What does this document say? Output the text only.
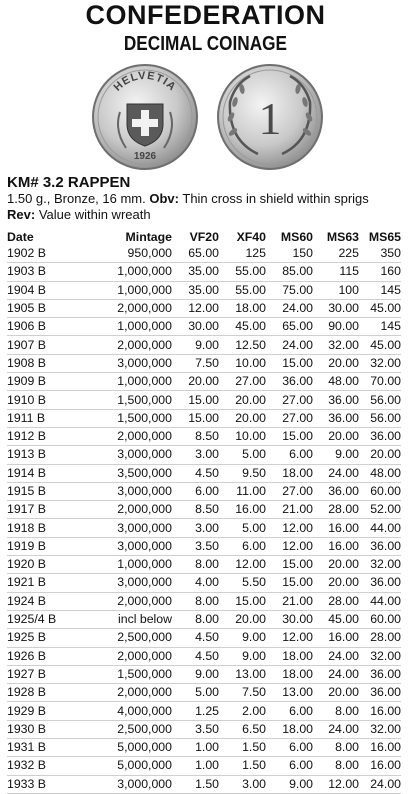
CONFEDERATION
DECIMAL COINAGE
HELVETIA
1926
1
KM# 3.2 RAPPEN
1.50 g., Bronze, 16 mm. Obv: Thin cross in shield within sprigs
Rev: Value within wreath
Date	Mintage	VF20	XF40	MS60	MS63	MS65
1902 B	950,000	65.00	125	150	225	350
1903 B	1,000,000	35.00	55.00	85.00	115	160
1904 B	1,000,000	35.00	55.00	75.00	100	145
1905 B	2,000,000	12.00	18.00	24.00	30.00	45.00
1906 B	1,000,000	30.00	45.00	65.00	90.00	145
1907 B	2,000,000	9.00	12.50	24.00	32.00	45.00
1908 B	3,000,000	7.50	10.00	15.00	20.00	32.00
1909 B	1,000,000	20.00	27.00	36.00	48.00	70.00
1910 B	1,500,000	15.00	20.00	27.00	36.00	56.00
1911 B	1,500,000	15.00	20.00	27.00	36.00	56.00
1912 B	2,000,000	8.50	10.00	15.00	20.00	36.00
1913 B	3,000,000	3.00	5.00	6.00	9.00	20.00
1914 B	3,500,000	4.50	9.50	18.00	24.00	48.00
1915 B	3,000,000	6.00	11.00	27.00	36.00	60.00
1917 B	2,000,000	8.50	16.00	21.00	28.00	52.00
1918 B	3,000,000	3.00	5.00	12.00	16.00	44.00
1919 B	3,000,000	3.50	6.00	12.00	16.00	36.00
1920 B	1,000,000	8.00	12.00	15.00	20.00	32.00
1921 B	3,000,000	4.00	5.50	15.00	20.00	36.00
1924 B	2,000,000	8.00	15.00	21.00	28.00	44.00
1925/4 B	incl below	8.00	20.00	30.00	45.00	60.00
1925 B	2,500,000	4.50	9.00	12.00	16.00	28.00
1926 B	2,000,000	4.50	9.00	18.00	24.00	32.00
1927 B	1,500,000	9.00	13.00	18.00	24.00	36.00
1928 B	2,000,000	5.00	7.50	13.00	20.00	36.00
1929 B	4,000,000	1.25	2.00	6.00	8.00	16.00
1930 B	2,500,000	3.50	6.50	18.00	24.00	32.00
1931 B	5,000,000	1.00	1.50	6.00	8.00	16.00
1932 B	5,000,000	1.00	1.50	6.00	8.00	16.00
1933 B	3,000,000	1.50	3.00	9.00	12.00	24.00
